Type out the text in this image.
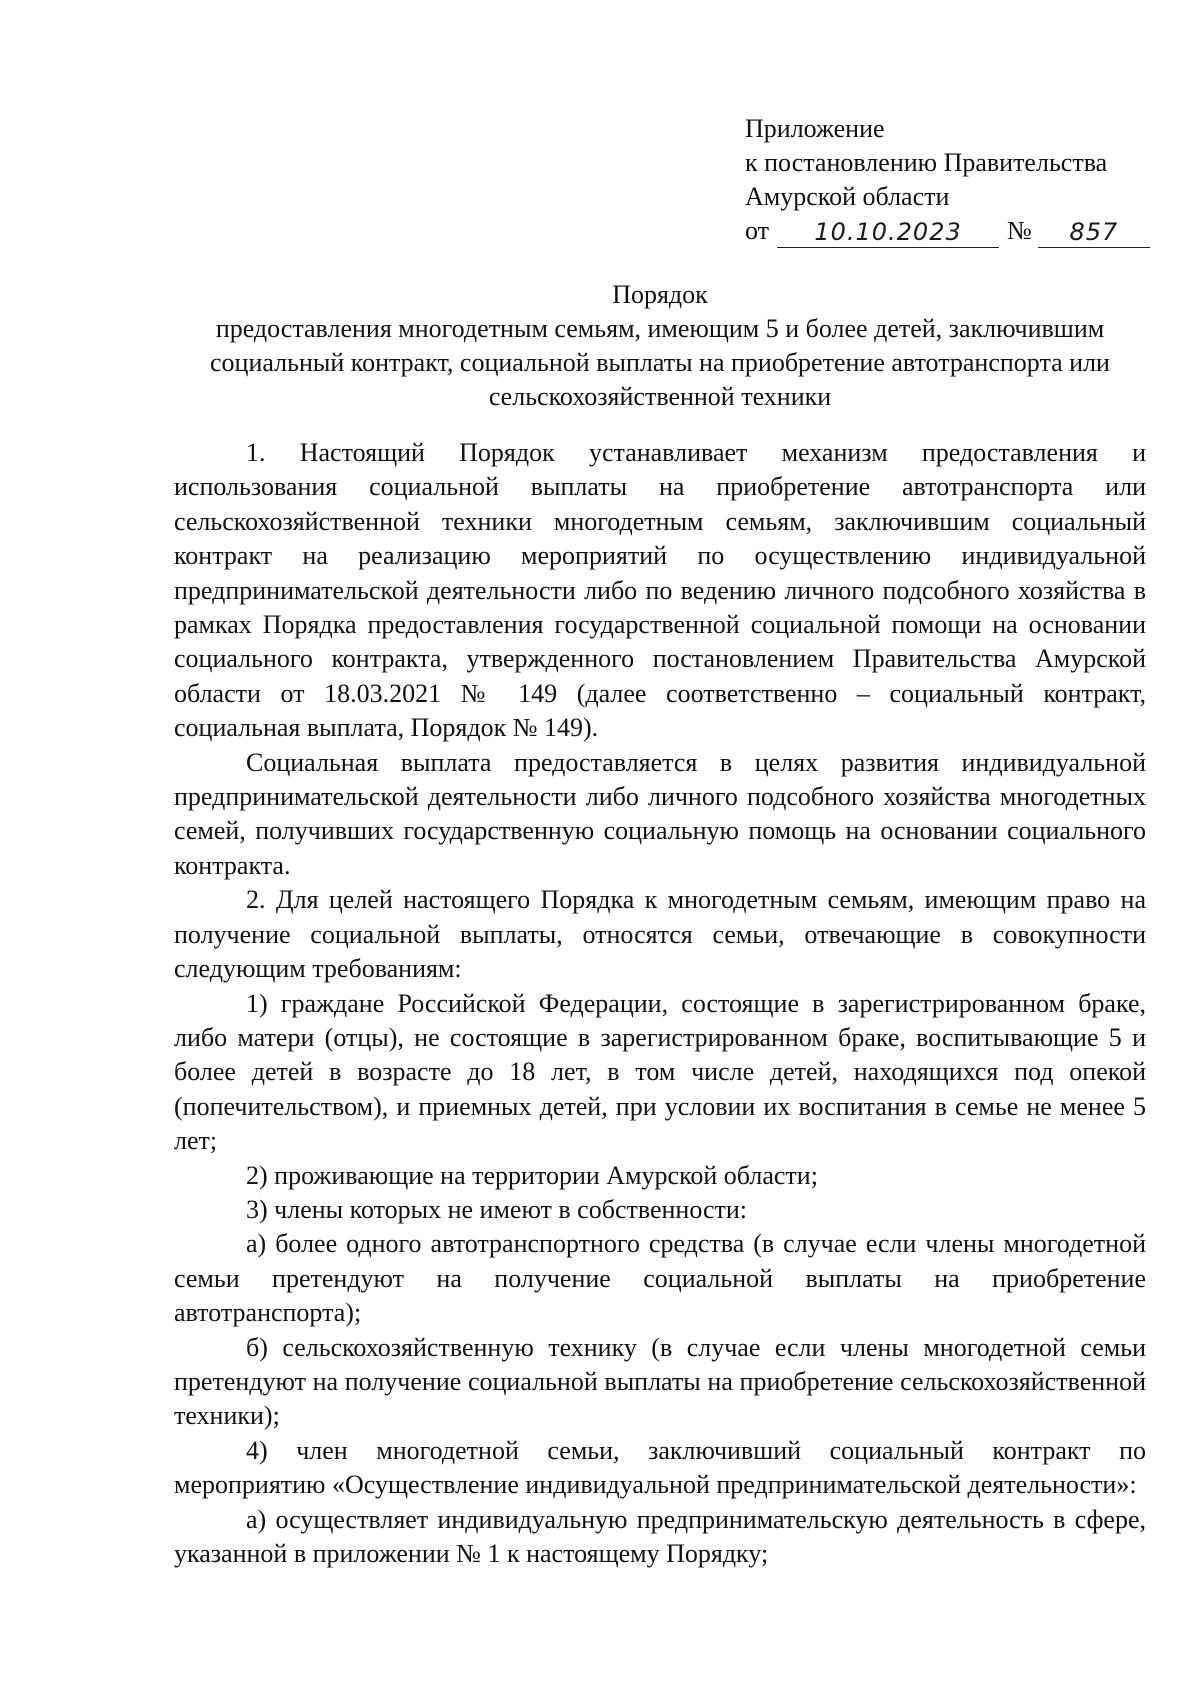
Приложение
к постановлению Правительства
Амурской области
от	10.10.2023	№	857
Порядок
предоставления многодетным семьям, имеющим 5 и более детей, заключившим социальный контракт, социальной выплаты на приобретение автотранспорта или сельскохозяйственной техники

1. Настоящий Порядок устанавливает механизм предоставления и использования социальной выплаты на приобретение автотранспорта или сельскохозяйственной техники многодетным семьям, заключившим социальный контракт на реализацию мероприятий по осуществлению индивидуальной предпринимательской деятельности либо по ведению личного подсобного хозяйства в рамках Порядка предоставления государственной социальной помощи на основании социального контракта, утвержденного постановлением Правительства Амурской области от 18.03.2021 № 149 (далее соответственно – социальный контракт, социальная выплата, Порядок № 149).

Социальная выплата предоставляется в целях развития индивидуальной предпринимательской деятельности либо личного подсобного хозяйства многодетных семей, получивших государственную социальную помощь на основании социального контракта.

2. Для целей настоящего Порядка к многодетным семьям, имеющим право на получение социальной выплаты, относятся семьи, отвечающие в совокупности следующим требованиям:

1) граждане Российской Федерации, состоящие в зарегистрированном браке, либо матери (отцы), не состоящие в зарегистрированном браке, воспитывающие 5 и более детей в возрасте до 18 лет, в том числе детей, находящихся под опекой (попечительством), и приемных детей, при условии их воспитания в семье не менее 5 лет;

2) проживающие на территории Амурской области;

3) члены которых не имеют в собственности:

а) более одного автотранспортного средства (в случае если члены многодетной семьи претендуют на получение социальной выплаты на приобретение автотранспорта);

б) сельскохозяйственную технику (в случае если члены многодетной семьи претендуют на получение социальной выплаты на приобретение сельскохозяйственной техники);

4) член многодетной семьи, заключивший социальный контракт по мероприятию «Осуществление индивидуальной предпринимательской деятельности»:

а) осуществляет индивидуальную предпринимательскую деятельность в сфере, указанной в приложении № 1 к настоящему Порядку;
